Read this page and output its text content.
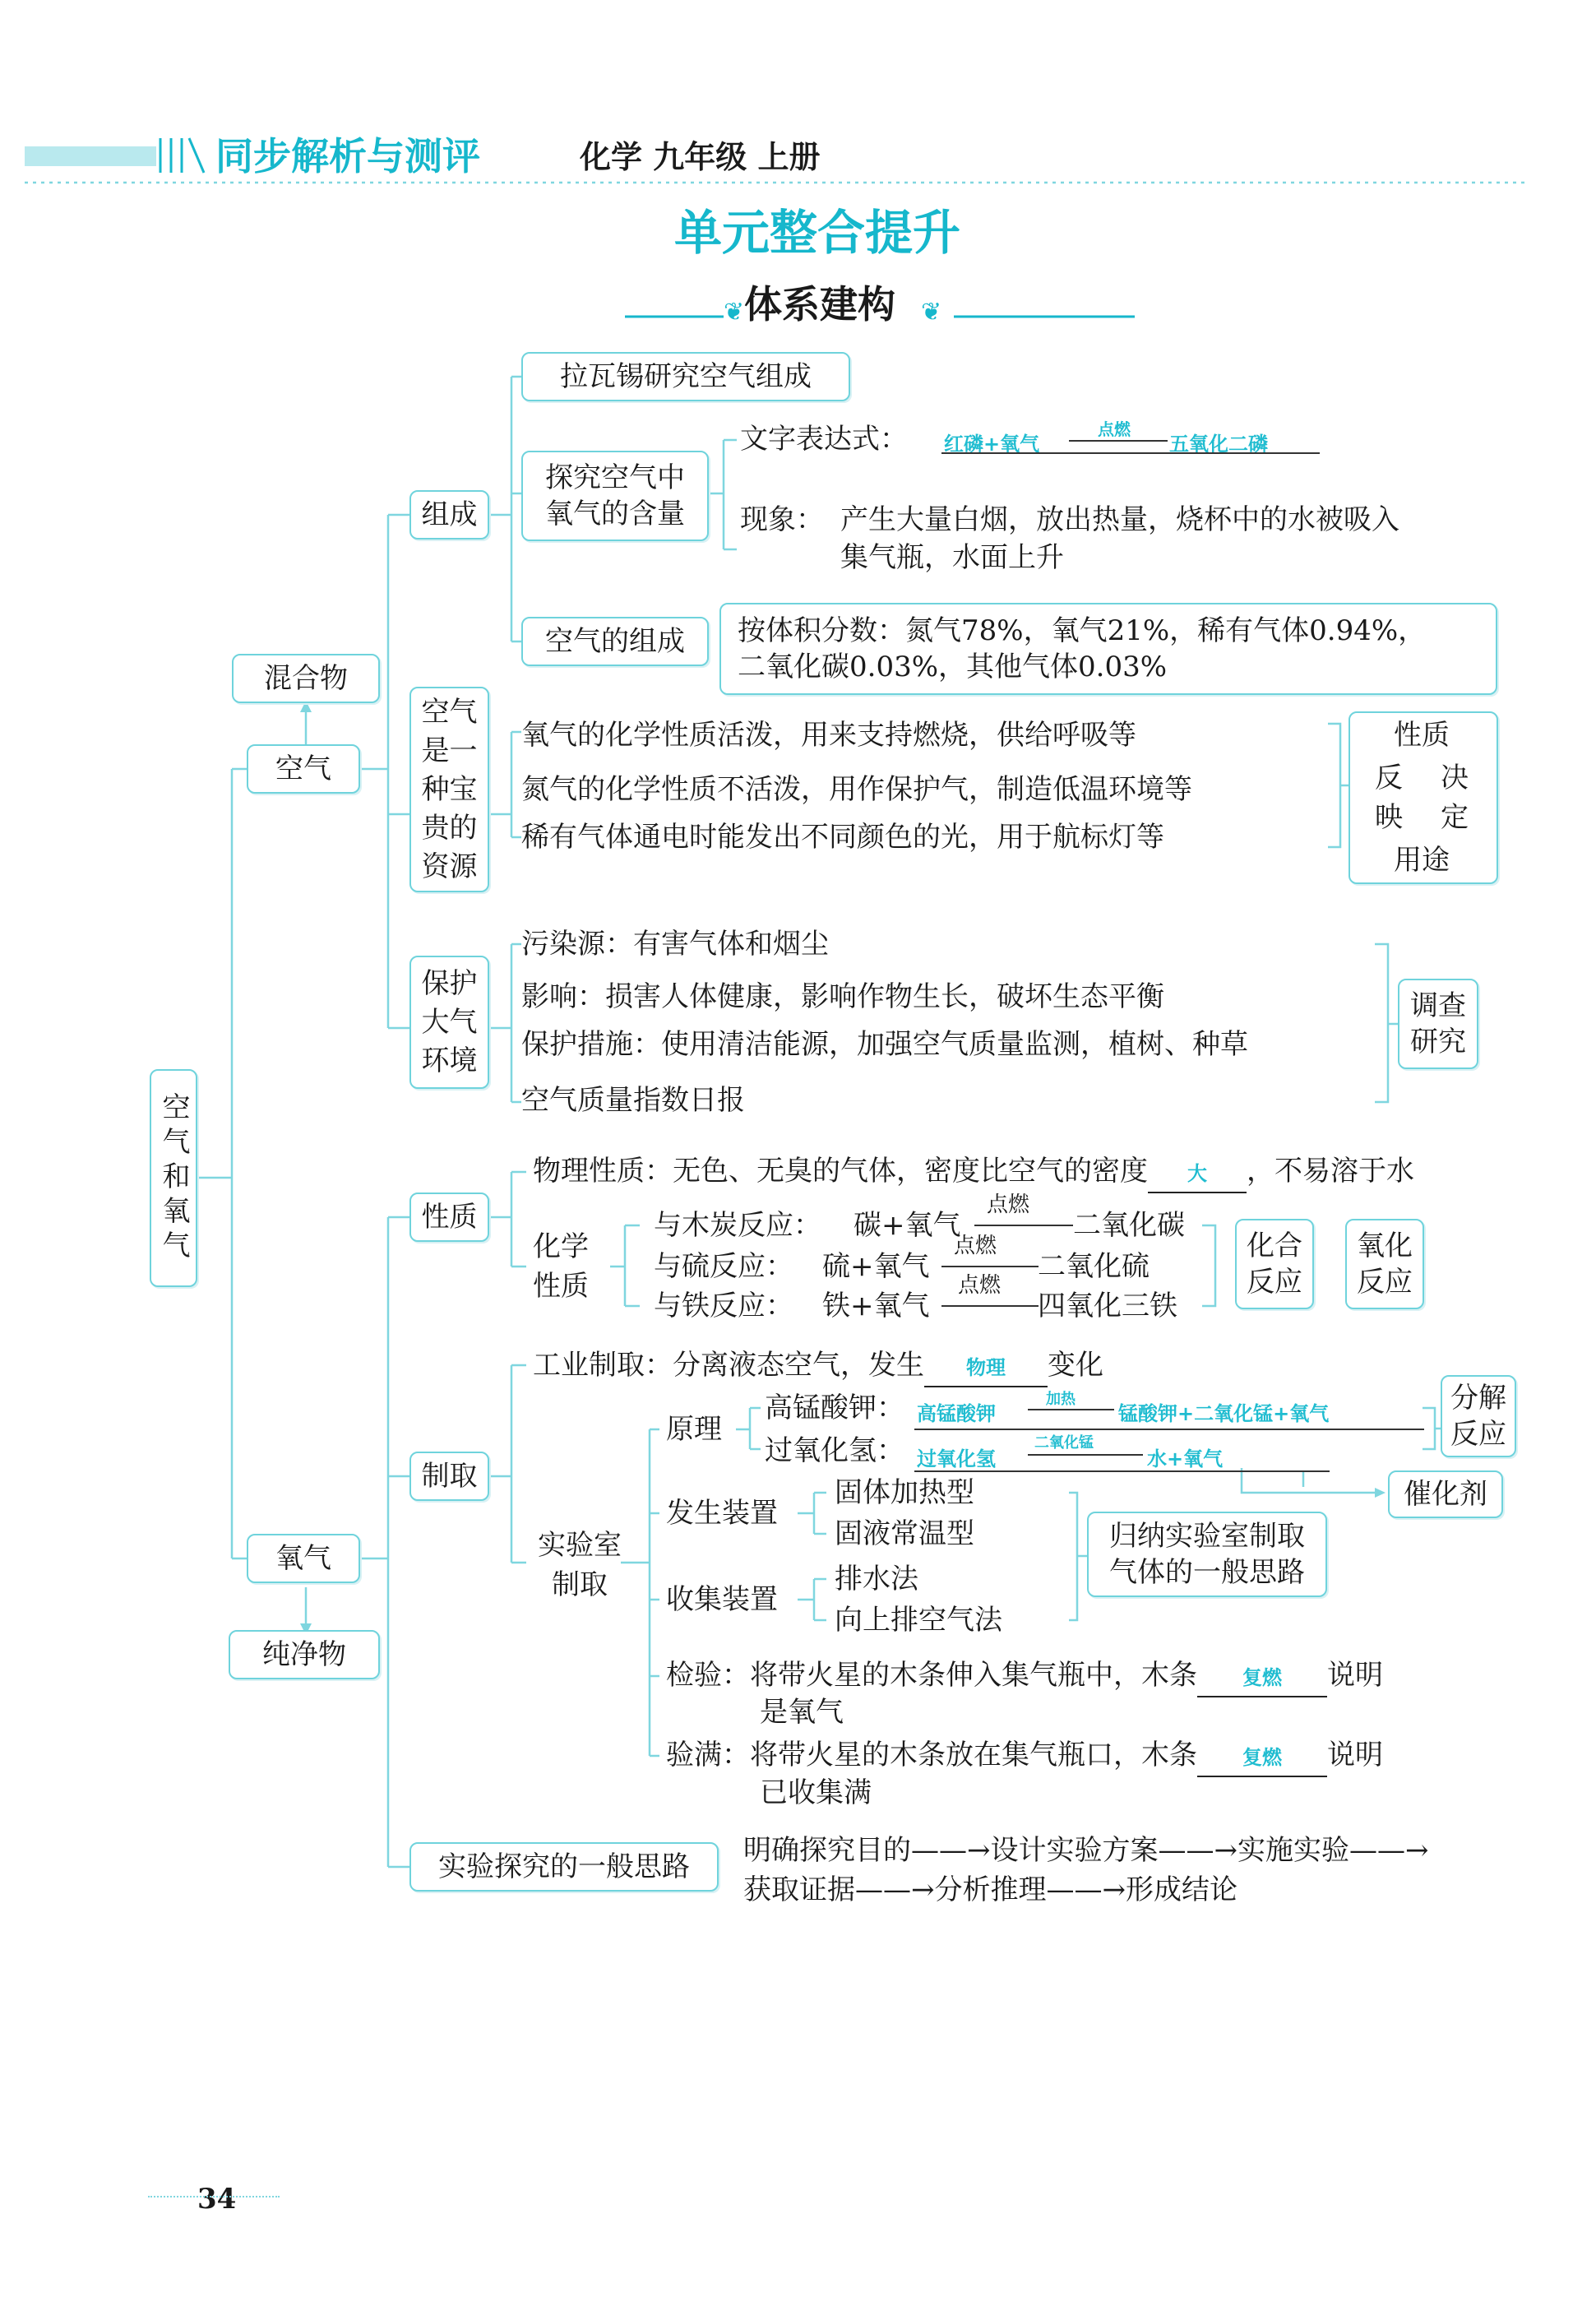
同步解析与测评	化学 九年级 上册
单元整合提升
体系建构
❦	❦
空气和氧气
混合物
空气
氧气
纯净物
组成
拉瓦锡研究空气组成
探究空气中氧气的含量
文字表达式： 红磷+氧气
点燃
五氧化二磷
现象： 产生大量白烟，放出热量，烧杯中的水被吸入
集气瓶，水面上升
空气的组成	按体积分数：氮气78%，氧气21%，稀有气体0.94%，
二氧化碳0.03%，其他气体0.03%
空气是一种宝贵的资源
氧气的化学性质活泼，用来支持燃烧，供给呼吸等
氮气的化学性质不活泼，用作保护气，制造低温环境等
稀有气体通电时能发出不同颜色的光，用于航标灯等
性质
反映
决定
用途
保护大气环境
污染源：有害气体和烟尘
影响：损害人体健康，影响作物生长，破坏生态平衡
保护措施：使用清洁能源，加强空气质量监测，植树、种草
空气质量指数日报
调查研究
性质
物理性质：无色、无臭的气体，密度比空气的密度 大 ，不易溶于水
化学性质
与木炭反应： 碳+氧气
点燃
二氧化碳
与硫反应： 硫+氧气
点燃
二氧化硫
与铁反应： 铁+氧气
点燃
四氧化三铁
化合反应
氧化反应
制取
工业制取：分离液态空气，发生 物理 变化
实验室制取
原理
高锰酸钾： 高锰酸钾
加热
锰酸钾+二氧化锰+氧气
过氧化氢： 过氧化氢
二氧化锰
水+氧气
分解反应
催化剂
发生装置
固体加热型
固液常温型
收集装置
排水法
向上排空气法
归纳实验室制取气体的一般思路
检验：将带火星的木条伸入集气瓶中，木条 复燃 说明
是氧气
验满：将带火星的木条放在集气瓶口，木条 复燃 说明
已收集满
实验探究的一般思路	明确探究目的——→设计实验方案——→实施实验——→
获取证据——→分析推理——→形成结论
34
